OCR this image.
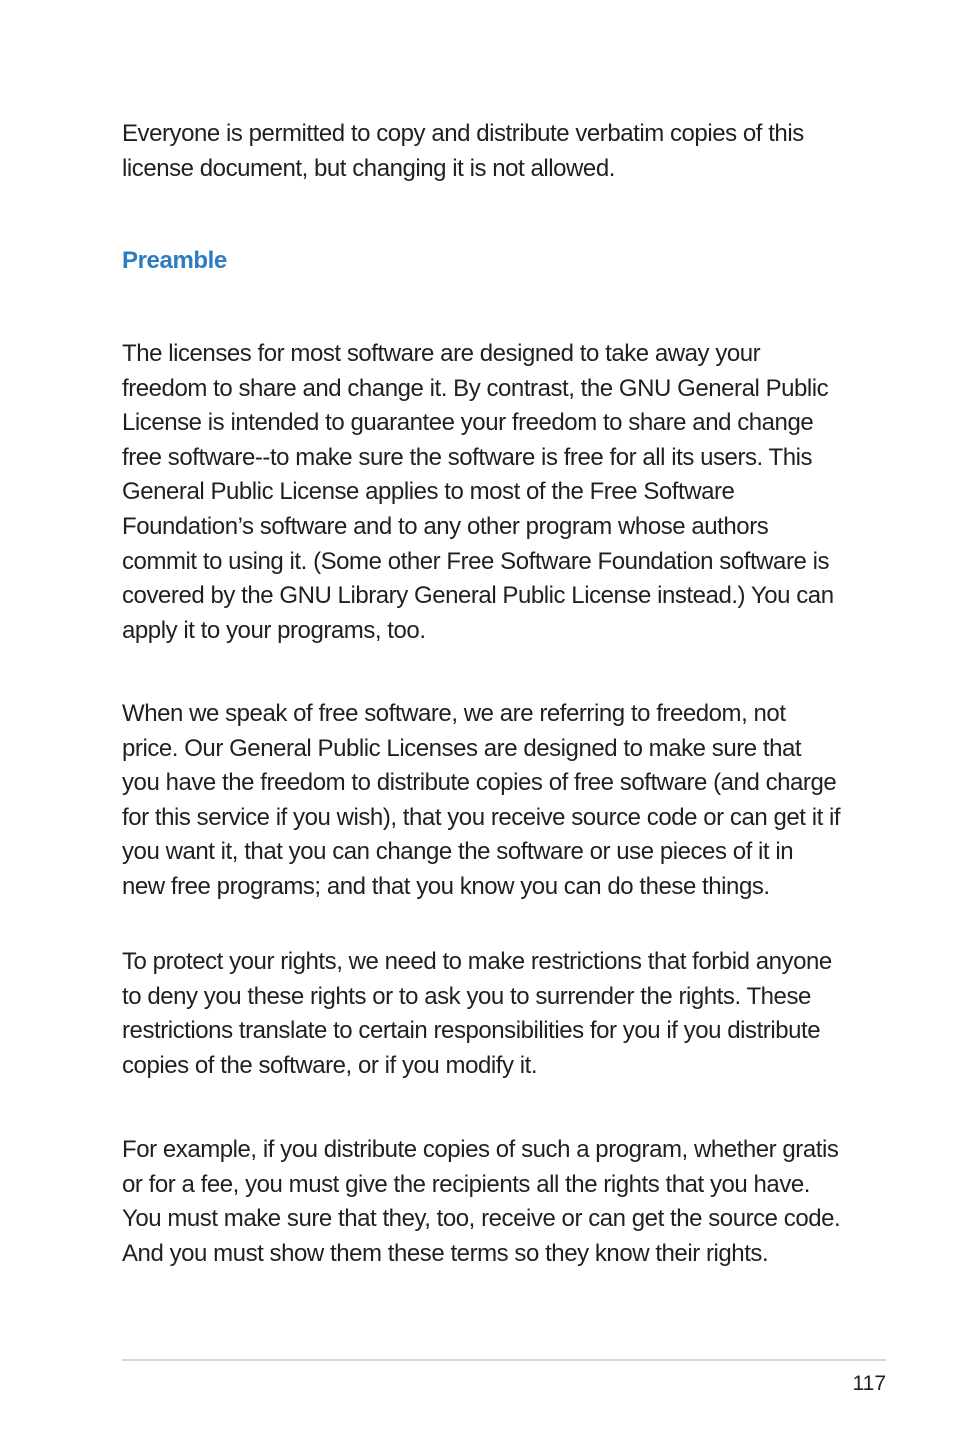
Everyone is permitted to copy and distribute verbatim copies of this license document, but changing it is not allowed.

Preamble

The licenses for most software are designed to take away your freedom to share and change it. By contrast, the GNU General Public License is intended to guarantee your freedom to share and change free software--to make sure the software is free for all its users. This General Public License applies to most of the Free Software Foundation’s software and to any other program whose authors commit to using it. (Some other Free Software Foundation software is covered by the GNU Library General Public License instead.) You can apply it to your programs, too.

When we speak of free software, we are referring to freedom, not price. Our General Public Licenses are designed to make sure that you have the freedom to distribute copies of free software (and charge for this service if you wish), that you receive source code or can get it if you want it, that you can change the software or use pieces of it in new free programs; and that you know you can do these things.

To protect your rights, we need to make restrictions that forbid anyone to deny you these rights or to ask you to surrender the rights. These restrictions translate to certain responsibilities for you if you distribute copies of the software, or if you modify it.

For example, if you distribute copies of such a program, whether gratis or for a fee, you must give the recipients all the rights that you have. You must make sure that they, too, receive or can get the source code. And you must show them these terms so they know their rights.

117
